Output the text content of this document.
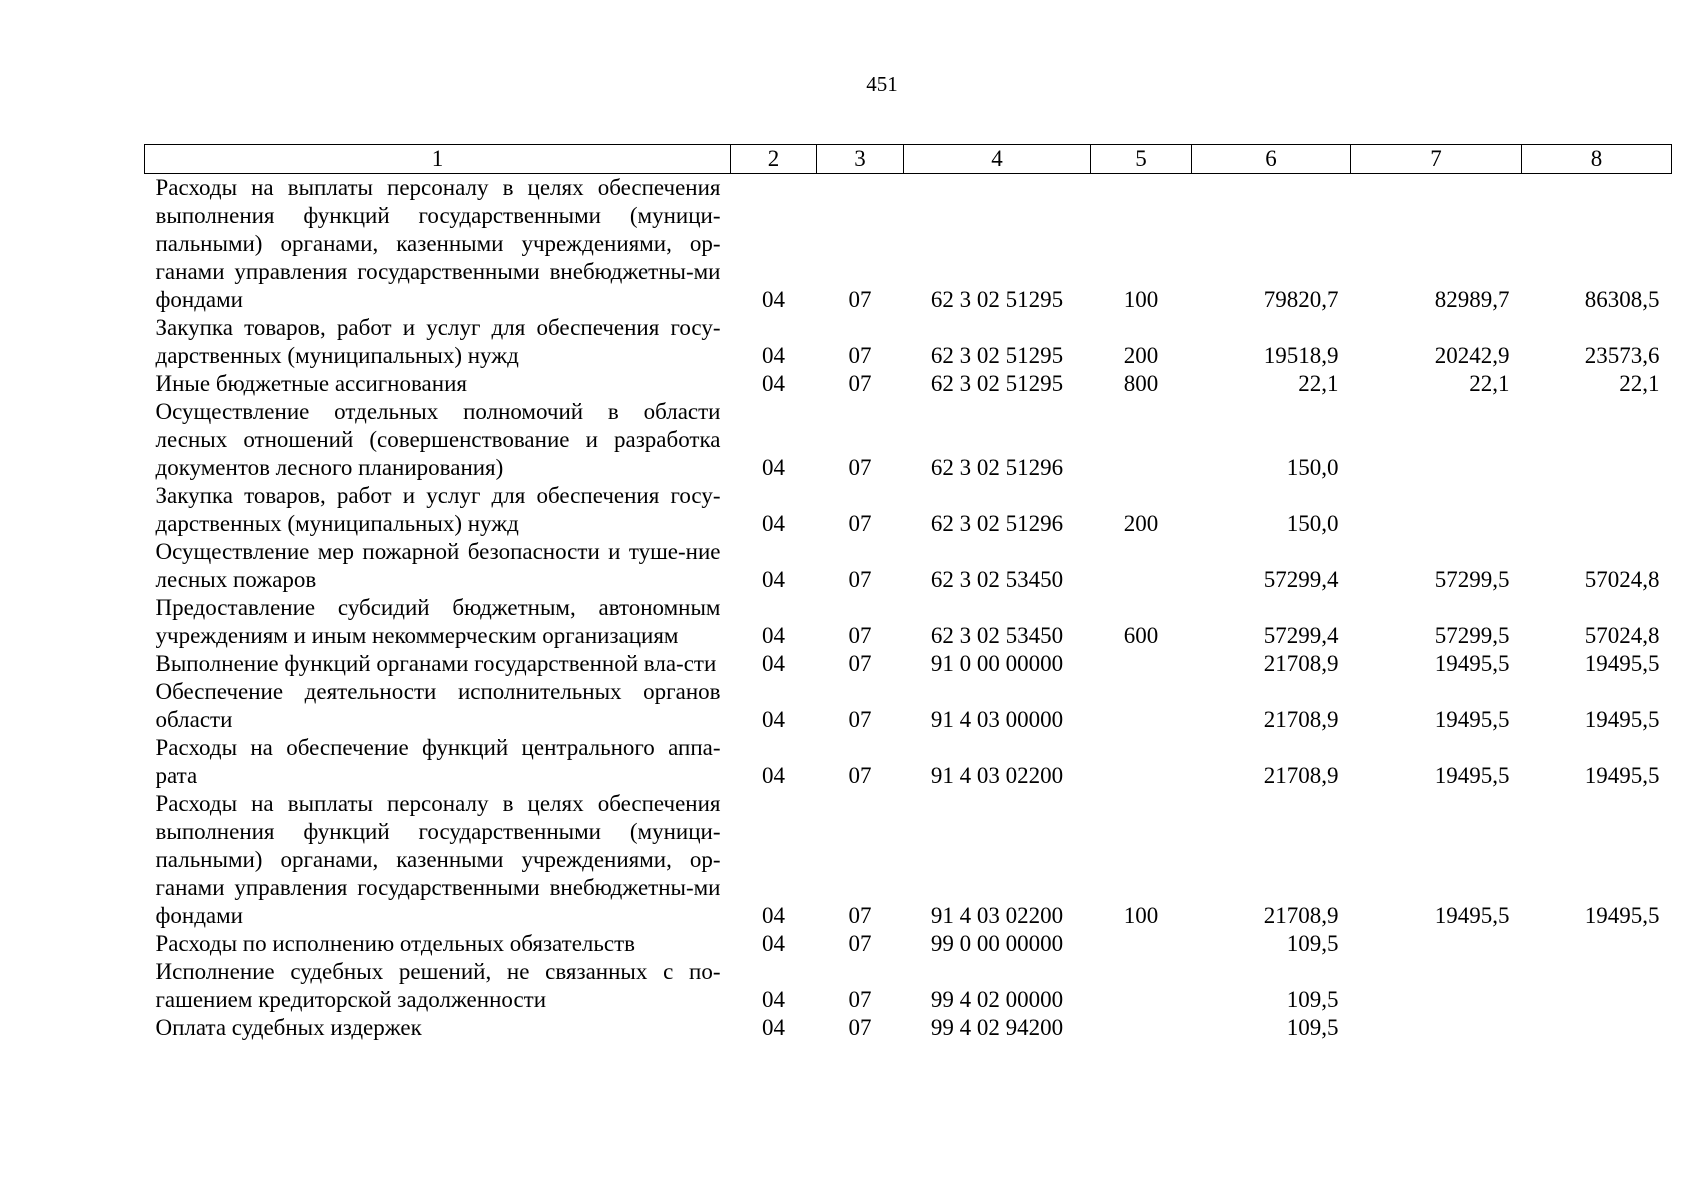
451
1	2	3	4	5	6	7	8
Расходы на выплаты персоналу в целях обеспечения выполнения функций государственными (муници-пальными) органами, казенными учреждениями, ор-ганами управления государственными внебюджетны-ми фондами	04	07	62 3 02 51295	100	79820,7	82989,7	86308,5
Закупка товаров, работ и услуг для обеспечения госу-дарственных (муниципальных) нужд	04	07	62 3 02 51295	200	19518,9	20242,9	23573,6
Иные бюджетные ассигнования	04	07	62 3 02 51295	800	22,1	22,1	22,1
Осуществление отдельных полномочий в области лесных отношений (совершенствование и разработка документов лесного планирования)	04	07	62 3 02 51296		150,0		
Закупка товаров, работ и услуг для обеспечения госу-дарственных (муниципальных) нужд	04	07	62 3 02 51296	200	150,0		
Осуществление мер пожарной безопасности и туше-ние лесных пожаров	04	07	62 3 02 53450		57299,4	57299,5	57024,8
Предоставление субсидий бюджетным, автономным учреждениям и иным некоммерческим организациям	04	07	62 3 02 53450	600	57299,4	57299,5	57024,8
Выполнение функций органами государственной вла-сти	04	07	91 0 00 00000		21708,9	19495,5	19495,5
Обеспечение деятельности исполнительных органов области	04	07	91 4 03 00000		21708,9	19495,5	19495,5
Расходы на обеспечение функций центрального аппа-рата	04	07	91 4 03 02200		21708,9	19495,5	19495,5
Расходы на выплаты персоналу в целях обеспечения выполнения функций государственными (муници-пальными) органами, казенными учреждениями, ор-ганами управления государственными внебюджетны-ми фондами	04	07	91 4 03 02200	100	21708,9	19495,5	19495,5
Расходы по исполнению отдельных обязательств	04	07	99 0 00 00000		109,5		
Исполнение судебных решений, не связанных с по-гашением кредиторской задолженности	04	07	99 4 02 00000		109,5		
Оплата судебных издержек	04	07	99 4 02 94200		109,5		
